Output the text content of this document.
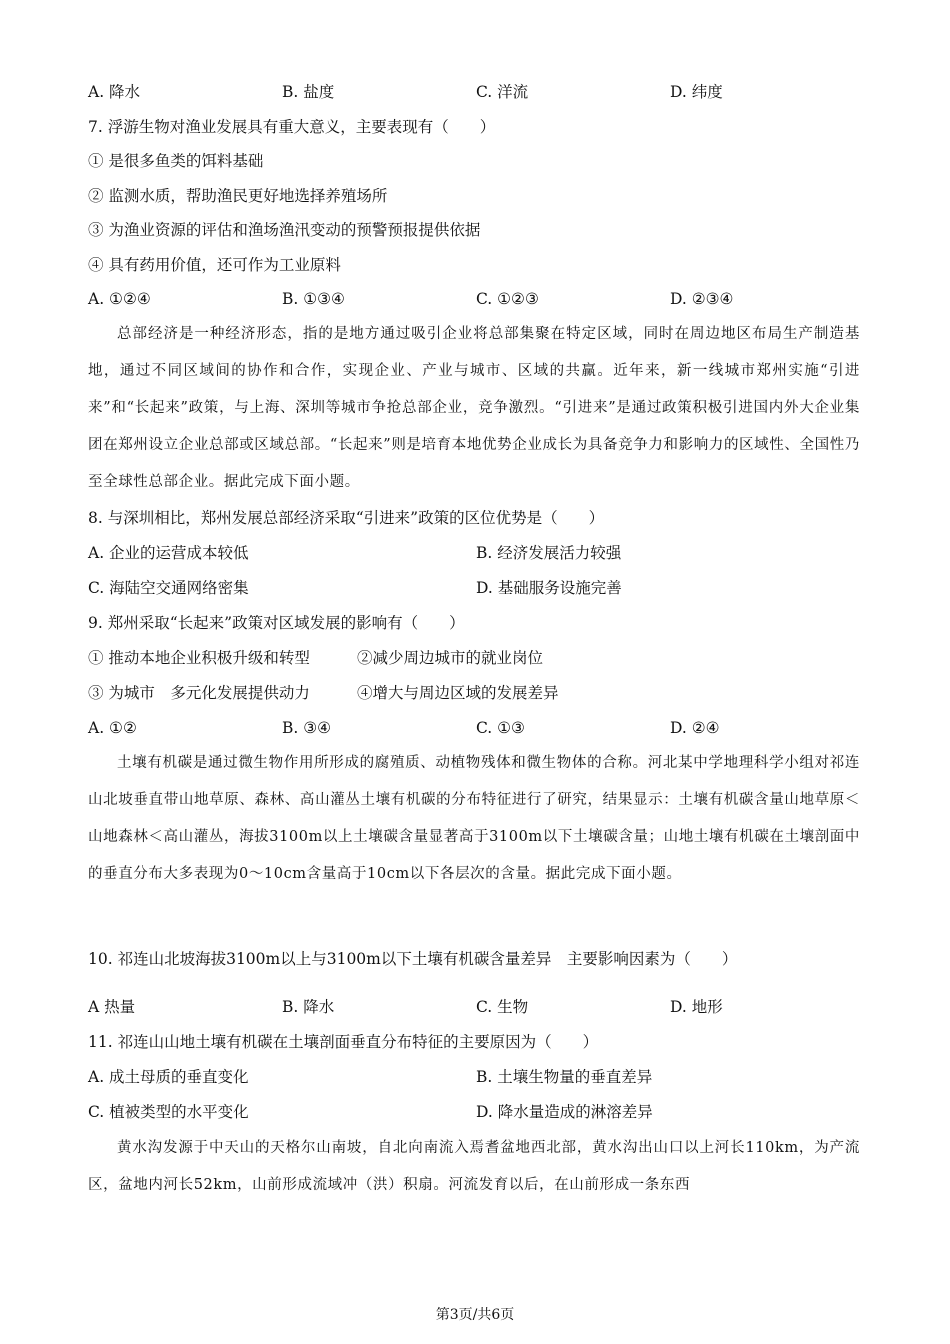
A. 降水	B. 盐度	C. 洋流	D. 纬度
7. 浮游生物对渔业发展具有重大意义，主要表现有（　　）
① 是很多鱼类的饵料基础
② 监测水质，帮助渔民更好地选择养殖场所
③ 为渔业资源的评估和渔场渔汛变动的预警预报提供依据
④ 具有药用价值，还可作为工业原料
A. ①②④	B. ①③④	C. ①②③	D. ②③④

总部经济是一种经济形态，指的是地方通过吸引企业将总部集聚在特定区域，同时在周边地区布局生产制造基地，通过不同区域间的协作和合作，实现企业、产业与城市、区域的共赢。近年来，新一线城市郑州实施“引进来”和“长起来”政策，与上海、深圳等城市争抢总部企业，竞争激烈。“引进来”是通过政策积极引进国内外大企业集团在郑州设立企业总部或区域总部。“长起来”则是培育本地优势企业成长为具备竞争力和影响力的区域性、全国性乃至全球性总部企业。据此完成下面小题。

8. 与深圳相比，郑州发展总部经济采取“引进来”政策的区位优势是（　　）
A. 企业的运营成本较低	B. 经济发展活力较强
C. 海陆空交通网络密集	D. 基础服务设施完善
9. 郑州采取“长起来”政策对区域发展的影响有（　　）
① 推动本地企业积极升级和转型	②减少周边城市的就业岗位
③ 为城市　多元化发展提供动力	④增大与周边区域的发展差异
A. ①②	B. ③④	C. ①③	D. ②④

土壤有机碳是通过微生物作用所形成的腐殖质、动植物残体和微生物体的合称。河北某中学地理科学小组对祁连山北坡垂直带山地草原、森林、高山灌丛土壤有机碳的分布特征进行了研究，结果显示：土壤有机碳含量山地草原＜山地森林＜高山灌丛，海拔3100m以上土壤碳含量显著高于3100m以下土壤碳含量；山地土壤有机碳在土壤剖面中的垂直分布大多表现为0～10cm含量高于10cm以下各层次的含量。据此完成下面小题。

10. 祁连山北坡海拔3100m以上与3100m以下土壤有机碳含量差异　主要影响因素为（　　）
A 热量	B. 降水	C. 生物	D. 地形
11. 祁连山山地土壤有机碳在土壤剖面垂直分布特征的主要原因为（　　）
A. 成土母质的垂直变化	B. 土壤生物量的垂直差异
C. 植被类型的水平变化	D. 降水量造成的淋溶差异

黄水沟发源于中天山的天格尔山南坡，自北向南流入焉耆盆地西北部，黄水沟出山口以上河长110km，为产流区，盆地内河长52km，山前形成流域冲（洪）积扇。河流发育以后，在山前形成一条东西

第3页/共6页
